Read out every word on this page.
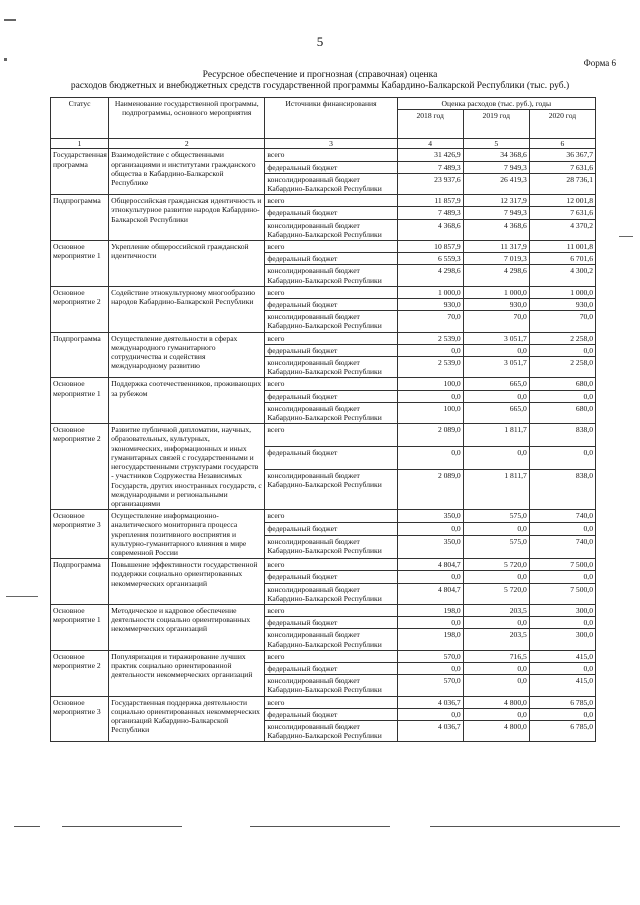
5
Форма 6
Ресурсное обеспечение и прогнозная (справочная) оценка
расходов бюджетных и внебюджетных средств государственной программы Кабардино-Балкарской Республики (тыс. руб.)
Статус	Наименование государственной программы, подпрограммы, основного мероприятия	Источники финансирования	Оценка расходов (тыс. руб.), годы		
			2018 год	2019 год	2020 год
1	2	3	4	5	6
Государственная программа	Взаимодействие с общественными организациями и институтами гражданского общества в Кабардино-Балкарской Республике	всего	31 426,9	34 368,6	36 367,7
		федеральный бюджет	7 489,3	7 949,3	7 631,6
		консолидированный бюджет Кабардино-Балкарской Республики	23 937,6	26 419,3	28 736,1
Подпрограмма	Общероссийская гражданская идентичность и этнокультурное развитие народов Кабардино-Балкарской Республики	всего	11 857,9	12 317,9	12 001,8
		федеральный бюджет	7 489,3	7 949,3	7 631,6
		консолидированный бюджет Кабардино-Балкарской Республики	4 368,6	4 368,6	4 370,2
Основное мероприятие 1	Укрепление общероссийской гражданской идентичности	всего	10 857,9	11 317,9	11 001,8
		федеральный бюджет	6 559,3	7 019,3	6 701,6
		консолидированный бюджет Кабардино-Балкарской Республики	4 298,6	4 298,6	4 300,2
Основное мероприятие 2	Содействие этнокультурному многообразию народов Кабардино-Балкарской Республики	всего	1 000,0	1 000,0	1 000,0
		федеральный бюджет	930,0	930,0	930,0
		консолидированный бюджет Кабардино-Балкарской Республики	70,0	70,0	70,0
Подпрограмма	Осуществление деятельности в сферах международного гуманитарного сотрудничества и содействия международному развитию	всего	2 539,0	3 051,7	2 258,0
		федеральный бюджет	0,0	0,0	0,0
		консолидированный бюджет Кабардино-Балкарской Республики	2 539,0	3 051,7	2 258,0
Основное мероприятие 1	Поддержка соотечественников, проживающих за рубежом	всего	100,0	665,0	680,0
		федеральный бюджет	0,0	0,0	0,0
		консолидированный бюджет Кабардино-Балкарской Республики	100,0	665,0	680,0
Основное мероприятие 2	Развитие публичной дипломатии, научных, образовательных, культурных, экономических, информационных и иных гуманитарных связей с государственными и негосударственными структурами государств - участников Содружества Независимых Государств, других иностранных государств, с международными и региональными организациями	всего	2 089,0	1 811,7	838,0
		федеральный бюджет	0,0	0,0	0,0
		консолидированный бюджет Кабардино-Балкарской Республики	2 089,0	1 811,7	838,0
Основное мероприятие 3	Осуществление информационно-аналитического мониторинга процесса укрепления позитивного восприятия и культурно-гуманитарного влияния в мире современной России	всего	350,0	575,0	740,0
		федеральный бюджет	0,0	0,0	0,0
		консолидированный бюджет Кабардино-Балкарской Республики	350,0	575,0	740,0
Подпрограмма	Повышение эффективности государственной поддержки социально ориентированных некоммерческих организаций	всего	4 804,7	5 720,0	7 500,0
		федеральный бюджет	0,0	0,0	0,0
		консолидированный бюджет Кабардино-Балкарской Республики	4 804,7	5 720,0	7 500,0
Основное мероприятие 1	Методическое и кадровое обеспечение деятельности социально ориентированных некоммерческих организаций	всего	198,0	203,5	300,0
		федеральный бюджет	0,0	0,0	0,0
		консолидированный бюджет Кабардино-Балкарской Республики	198,0	203,5	300,0
Основное мероприятие 2	Популяризация и тиражирование лучших практик социально ориентированной деятельности некоммерческих организаций	всего	570,0	716,5	415,0
		федеральный бюджет	0,0	0,0	0,0
		консолидированный бюджет Кабардино-Балкарской Республики	570,0	0,0	415,0
Основное мероприятие 3	Государственная поддержка деятельности социально ориентированных некоммерческих организаций Кабардино-Балкарской Республики	всего	4 036,7	4 800,0	6 785,0
		федеральный бюджет	0,0	0,0	0,0
		консолидированный бюджет Кабардино-Балкарской Республики	4 036,7	4 800,0	6 785,0
